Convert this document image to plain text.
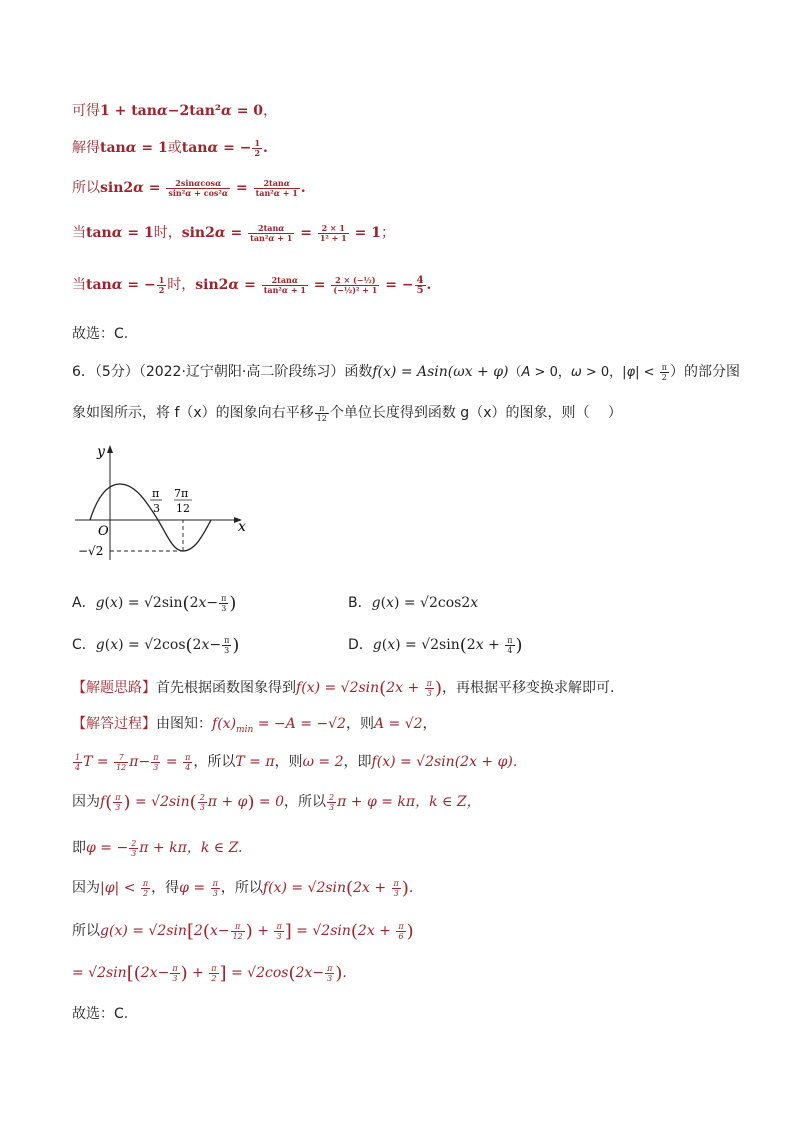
可得1 + tanα−2tan²α = 0，
解得tanα = 1或tanα = − $\frac{1}{2}$ .
所以$\sin 2\alpha = \frac{2\sin\alpha\cos\alpha}{\text{sin²α + cos²α}} = \frac{2\tan\alpha}{\text{tan²α + 1}}$ .
当tanα = 1时，$\sin 2\alpha = \frac{2\tan\alpha}{\text{tan²α + 1}} = \frac{2 \times 1}{\text{1² + 1}} = 1$；
当tanα = − $\frac{1}{2}$ 时，$\sin 2\alpha = \frac{2\tan\alpha}{\text{tan²α + 1}} = \frac{\text{2 × (−½)}}{\text{(−½)² + 1}}$ = − $\frac{4}{5}$ .
故选：C.
6．（5分）（2022·辽宁朝阳·高二阶段练习）函数f(x) = Asin(ωx + φ)（A > 0，ω > 0，$|\varphi| < \frac{\pi}{2}$ ）的部分图
象如图所示，将 f（x）的图象向右平移 $\frac{\pi}{12}$ 个单位长度得到函数 g（x）的图象，则（　 ）
y
x
O
π
3
7π
12
−√2
A．$g(x) = √2\sin(2x- \frac{\pi}{3}$ )	B．g(x) = √2cos2x
C．$g(x) = √2\cos(2x- \frac{\pi}{3}$ )	D．$g(x) = √2\sin(2x + \frac{\pi}{4}$ )
【解题思路】首先根据函数图象得到$f(x) = √2\sin(2x + \frac{\pi}{3}$ )，再根据平移变换求解即可.
【解答过程】由图知：$f(x)_{min} = -A = -√2$，则A = √2，
$\frac{1}{4}$ $T = \frac{7}{12} \pi- \frac{\pi}{3} = \frac{\pi}{4}$ ，所以T = π，则ω = 2，即f(x) = √2sin(2x + φ).
因为$f( \frac{\pi}{3}$ ) = $√2\sin( \frac{2}{3}$ π + φ) = 0，所以 $\frac{2}{3}$ π + φ = kπ，k ∈ Z，
即φ = − $\frac{2}{3}$ π + kπ，k ∈ Z.
因为$|\varphi| < \frac{\pi}{2}$ ，得$\varphi = \frac{\pi}{3}$ ，所以$f(x) = √2\sin(2x + \frac{\pi}{3}$ ).
所以$g(x) = √2\sin[2(x- \frac{\pi}{12}$ ) + $\frac{\pi}{3}$ ] = $√2\sin(2x + \frac{\pi}{6}$ )
= $√2\sin[(2x- \frac{\pi}{3}$ ) + $\frac{\pi}{2}$ ] = $√2\cos(2x- \frac{\pi}{3}$ ).
故选：C.
